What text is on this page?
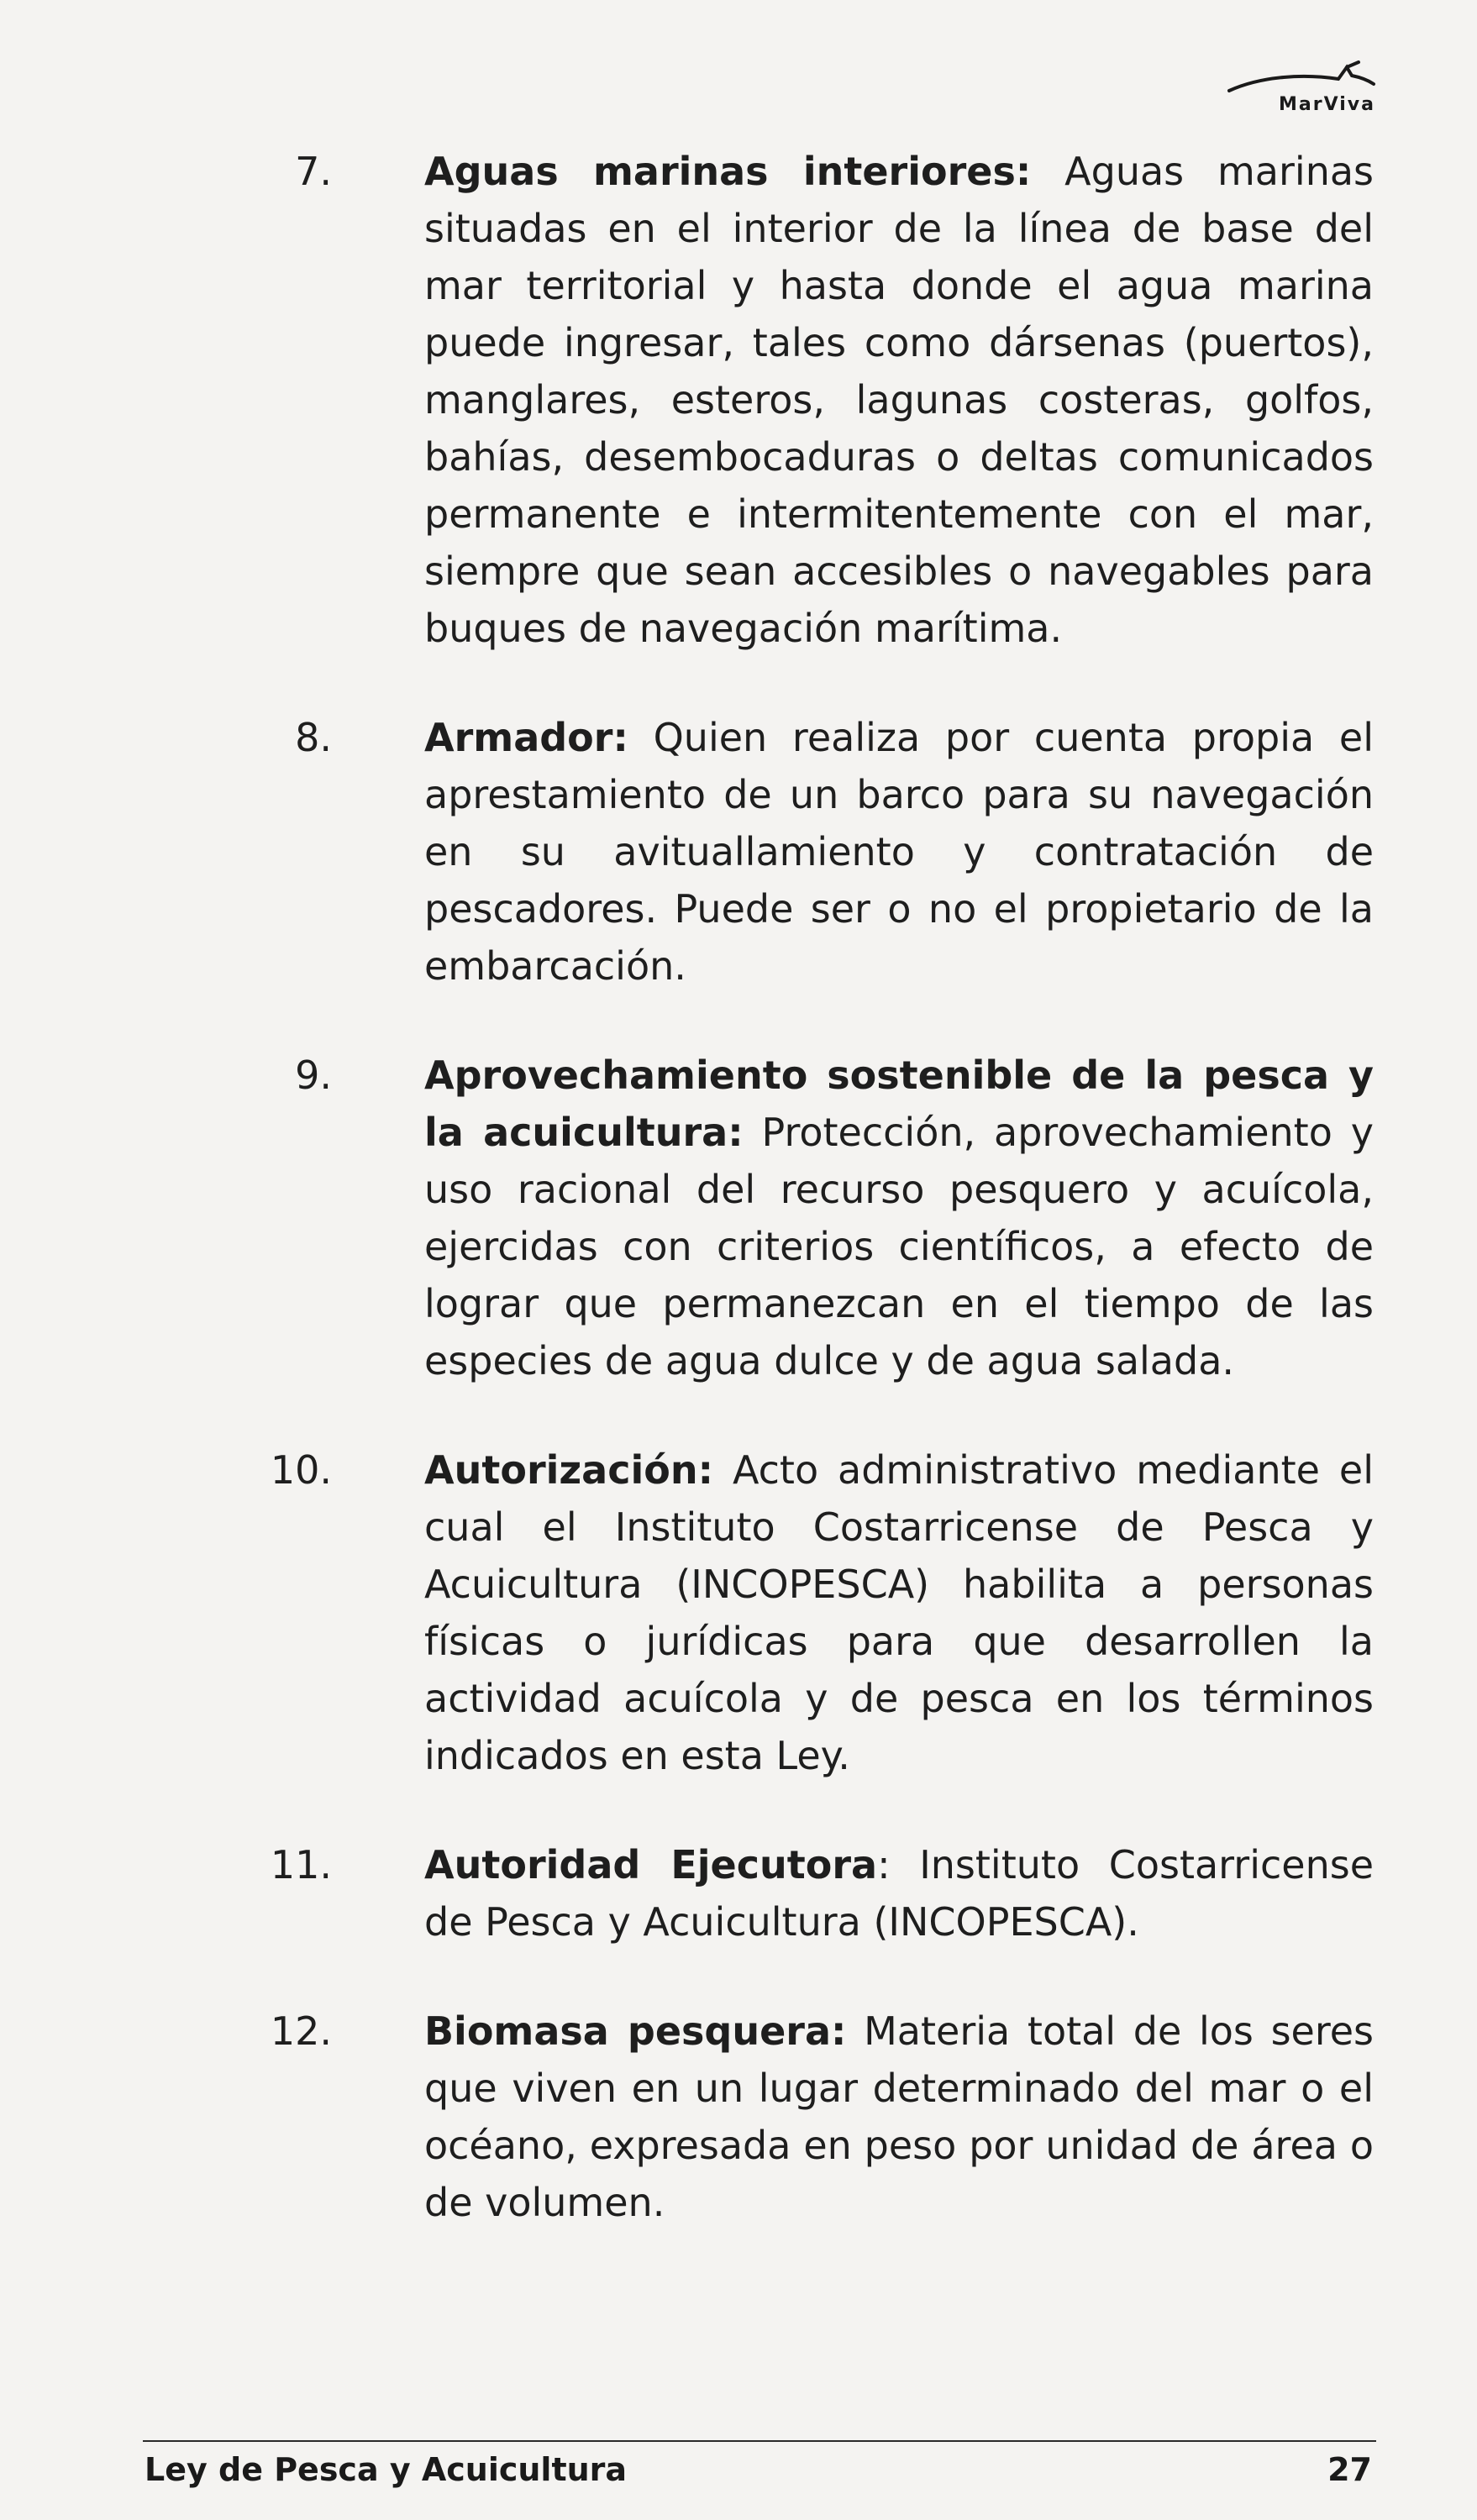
MarViva
7. Aguas marinas interiores: Aguas marinas situadas en el interior de la línea de base del mar territorial y hasta donde el agua marina puede ingresar, tales como dársenas (puertos), manglares, esteros, lagunas costeras, golfos, bahías, desembocaduras o deltas comunicados permanente e intermitentemente con el mar, siempre que sean accesibles o navegables para buques de navegación marítima.
8. Armador: Quien realiza por cuenta propia el aprestamiento de un barco para su navegación en su avituallamiento y contratación de pescadores. Puede ser o no el propietario de la embarcación.
9. Aprovechamiento sostenible de la pesca y la acuicultura: Protección, aprovechamiento y uso racional del recurso pesquero y acuícola, ejercidas con criterios científicos, a efecto de lograr que permanezcan en el tiempo de las especies de agua dulce y de agua salada.
10. Autorización: Acto administrativo mediante el cual el Instituto Costarricense de Pesca y Acuicultura (INCOPESCA) habilita a personas físicas o jurídicas para que desarrollen la actividad acuícola y de pesca en los términos indicados en esta Ley.
11. Autoridad Ejecutora: Instituto Costarricense de Pesca y Acuicultura (INCOPESCA).
12. Biomasa pesquera: Materia total de los seres que viven en un lugar determinado del mar o el océano, expresada en peso por unidad de área o de volumen.
Ley de Pesca y Acuicultura	27
